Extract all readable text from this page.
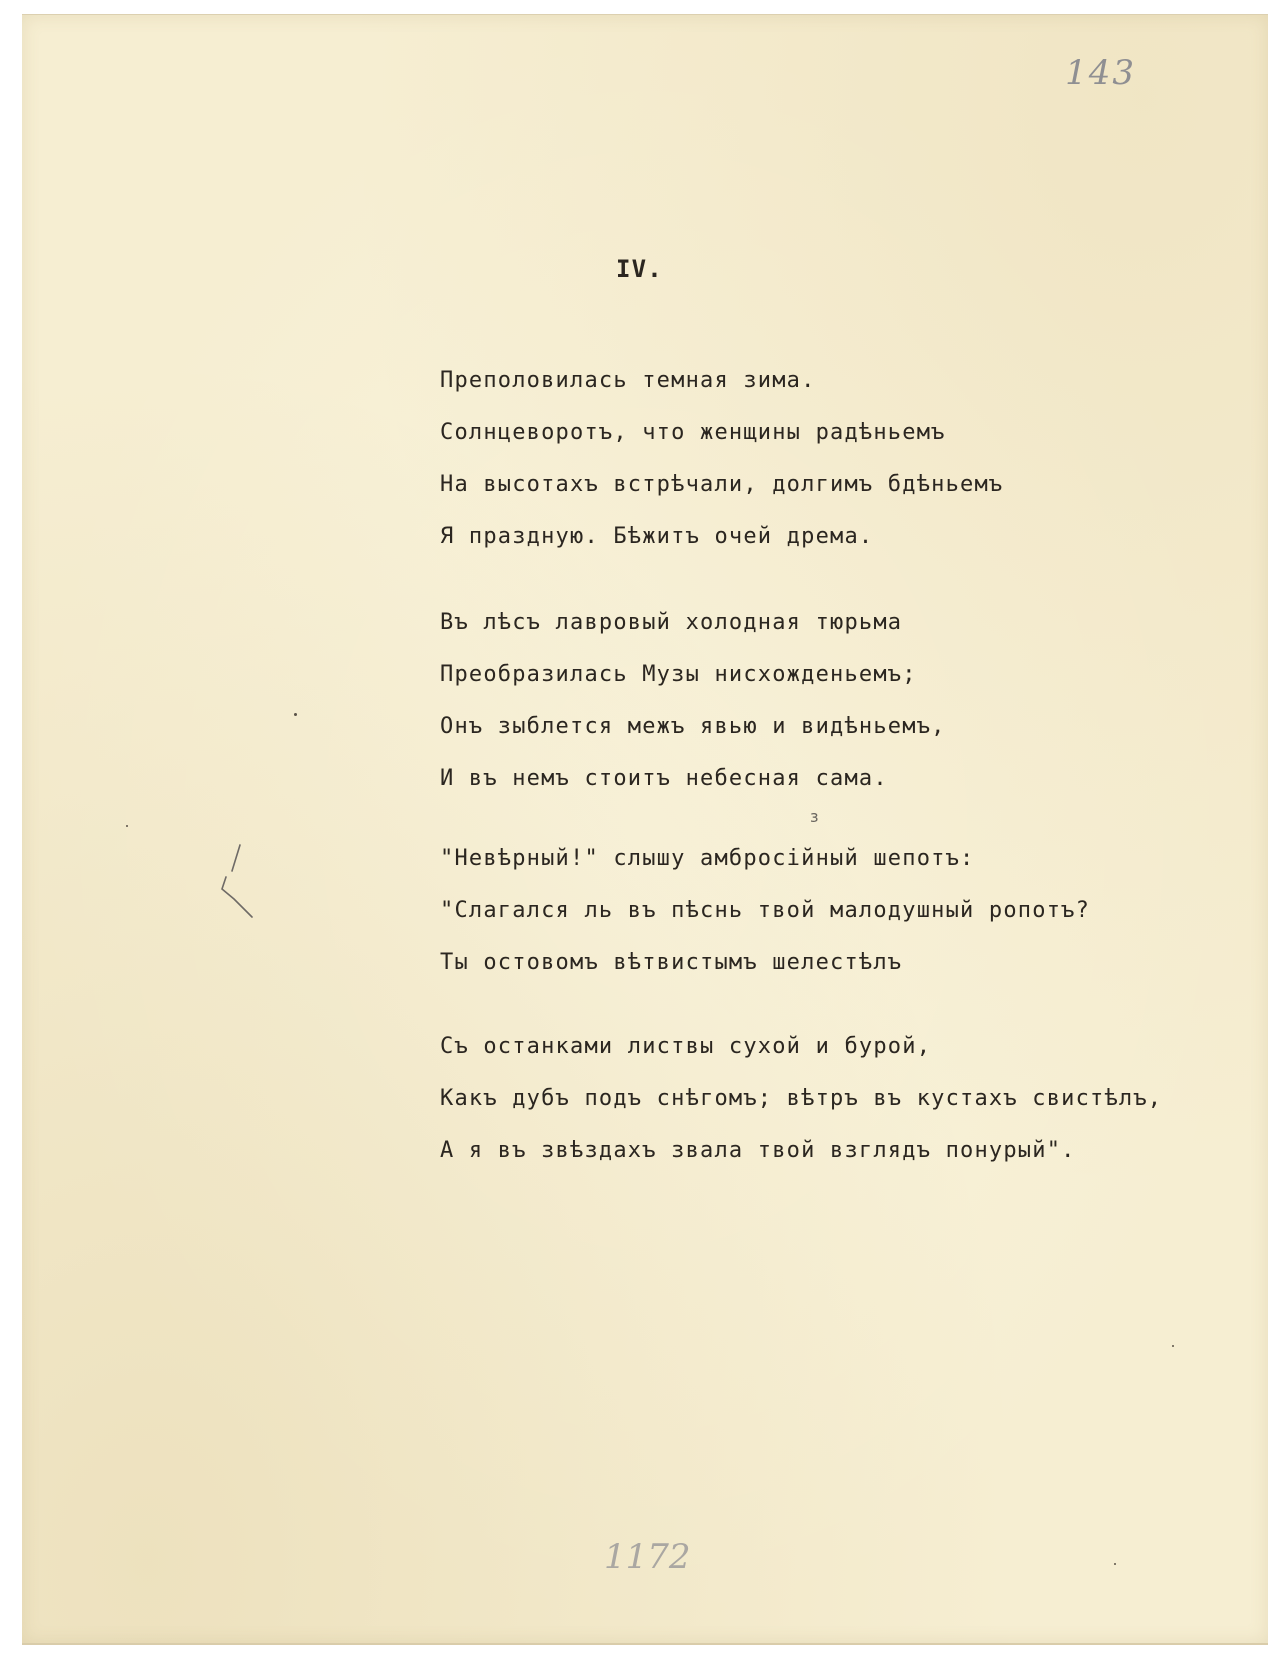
143
IV.
Преполовилась темная зима.
Солнцеворотъ, что женщины радѣньемъ
На высотахъ встрѣчали, долгимъ бдѣньемъ
Я праздную. Бѣжитъ очей дрема.
Въ лѣсъ лавровый холодная тюрьма
Преобразилась Музы нисхожденьемъ;
Онъ зыблется межъ явью и видѣньемъ,
И въ немъ стоитъ небесная сама.
з
"Невѣрный!" слышу амбросійный шепотъ:
"Слагался ль въ пѣснь твой малодушный ропотъ?
Ты остовомъ вѣтвистымъ шелестѣлъ
Съ останками листвы сухой и бурой,
Какъ дубъ подъ снѣгомъ; вѣтръ въ кустахъ свистѣлъ,
А я въ звѣздахъ звала твой взглядъ понурый".
1172
